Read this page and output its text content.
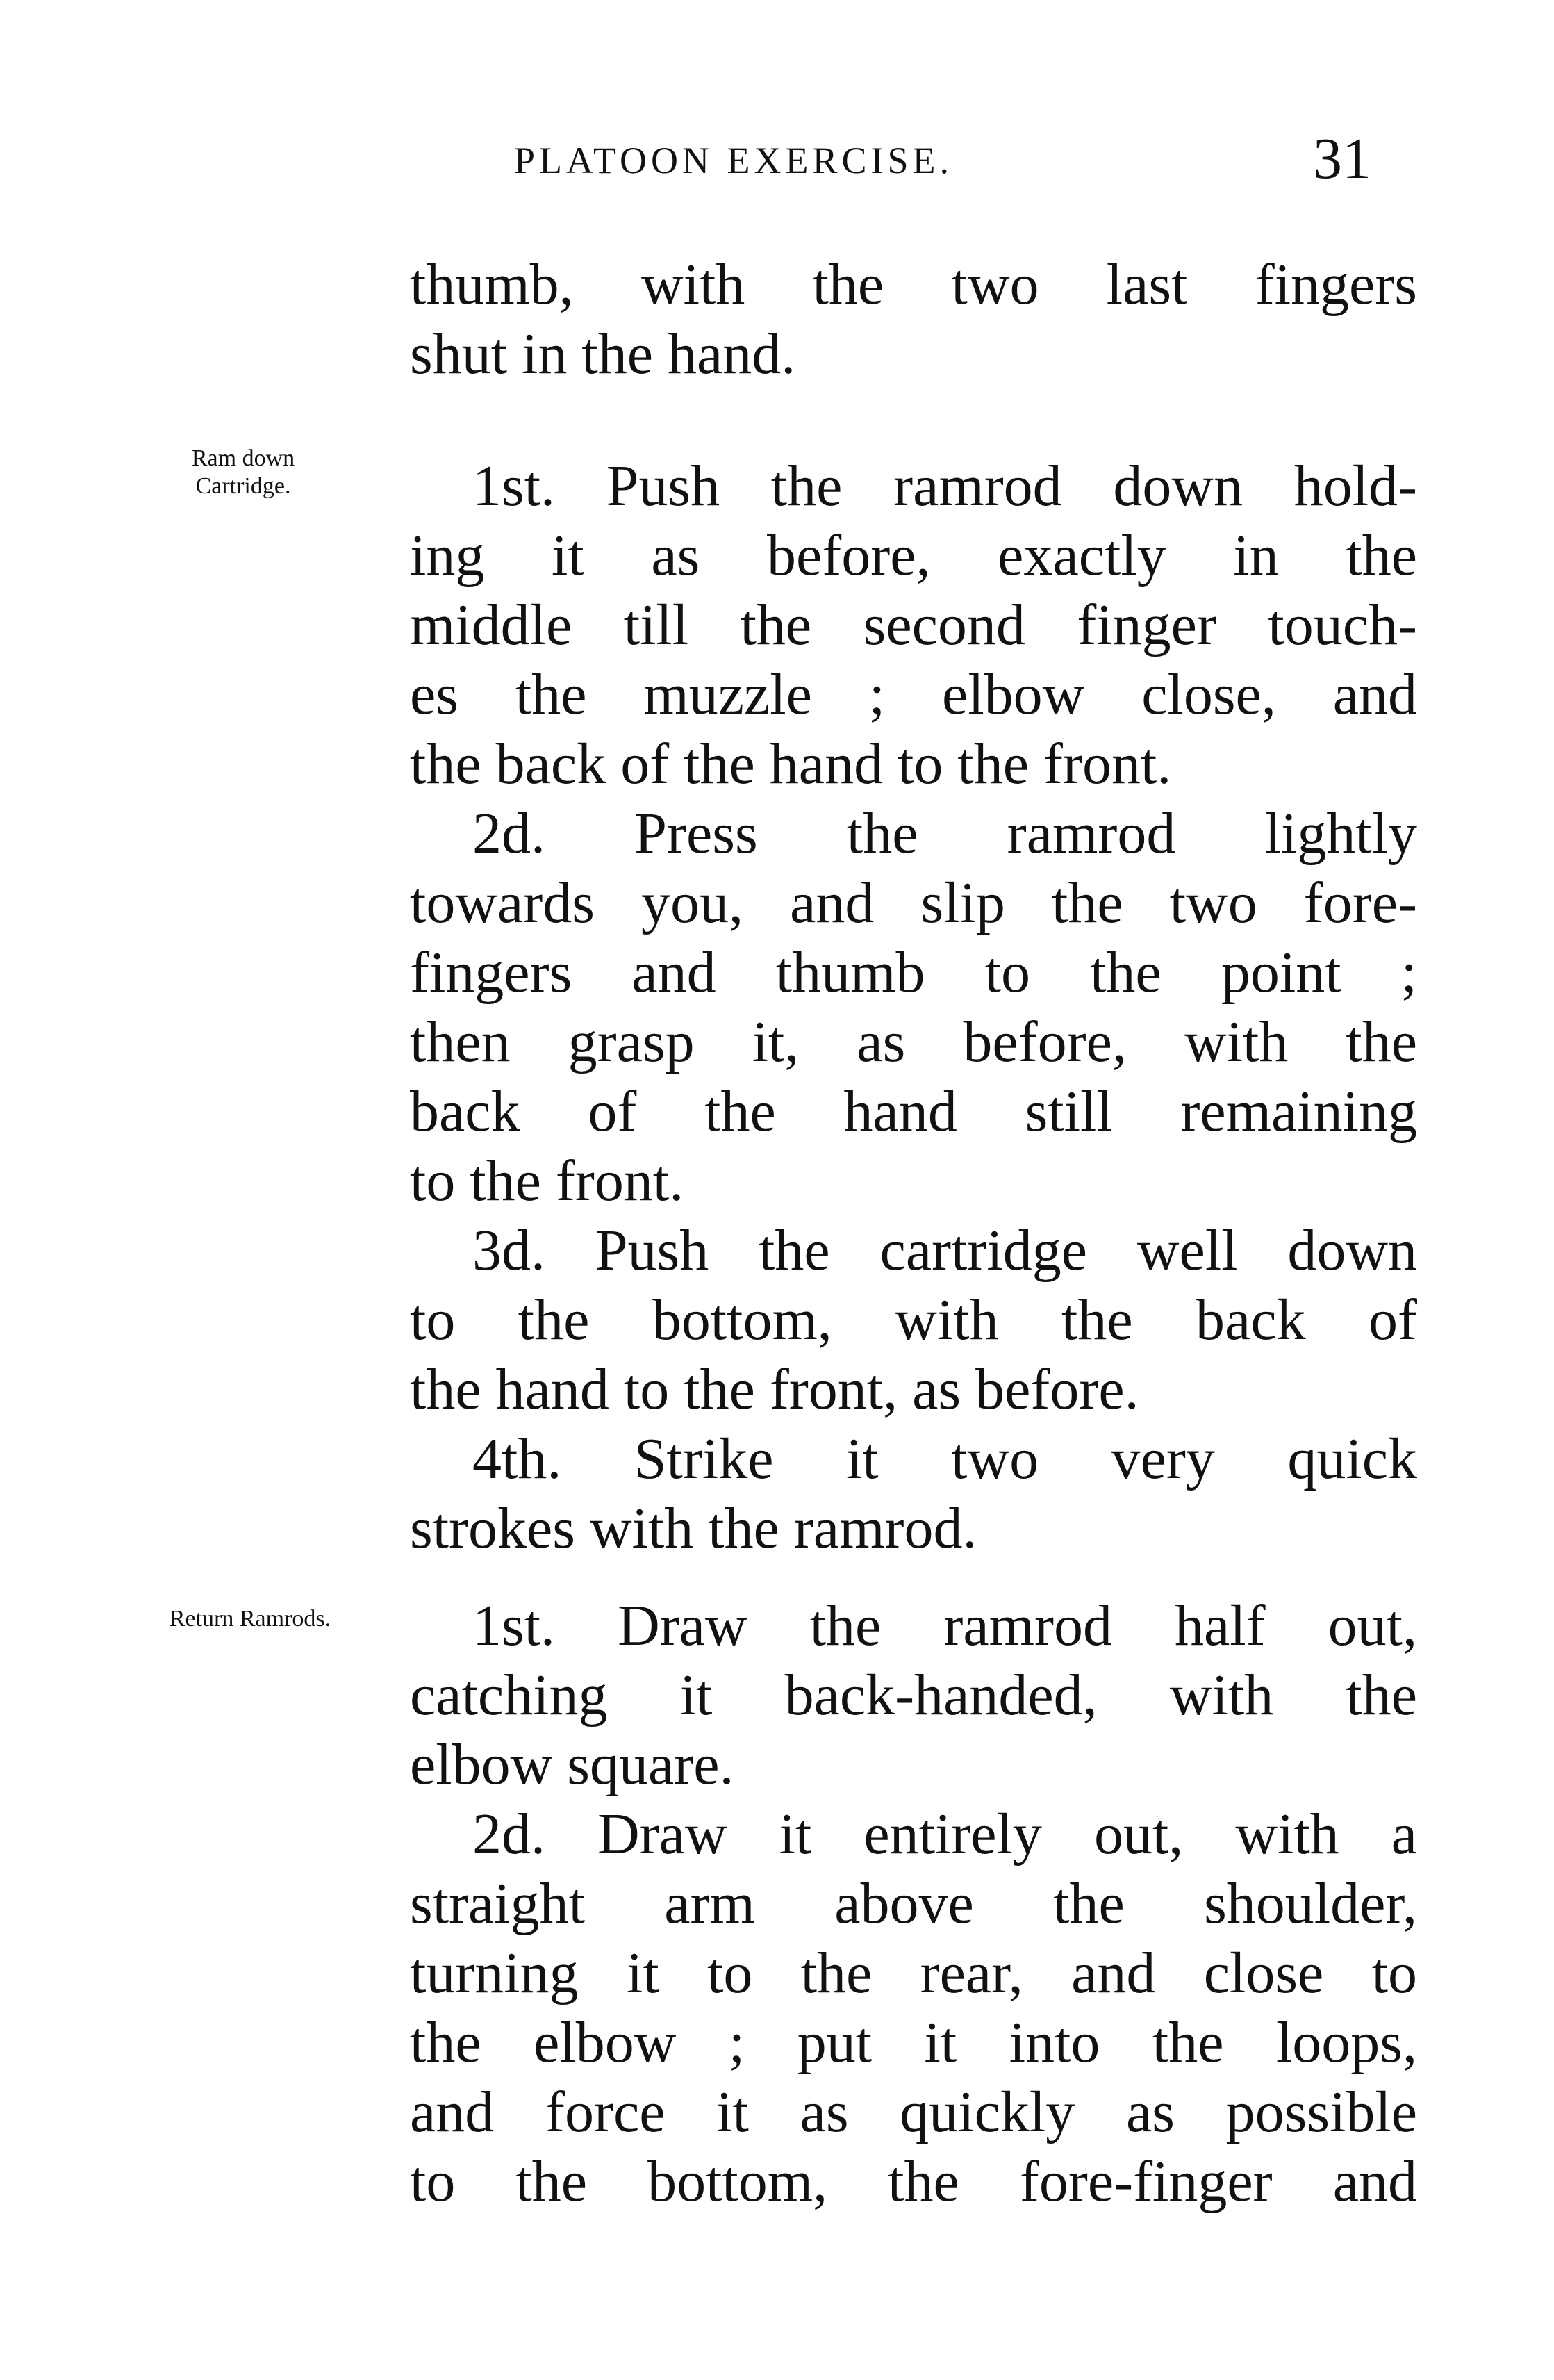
PLATOON EXERCISE.	31
thumb, with the two last fingers
shut in the hand.
Ram down
Cartridge.	1st. Push the ramrod down hold-
ing it as before, exactly in the
middle till the second finger touch-
es the muzzle ; elbow close, and
the back of the hand to the front.
2d. Press the ramrod lightly
towards you, and slip the two fore-
fingers and thumb to the point ;
then grasp it, as before, with the
back of the hand still remaining
to the front.
3d. Push the cartridge well down
to the bottom, with the back of
the hand to the front, as before.
4th. Strike it two very quick
strokes with the ramrod.
Return Ramrods.	1st. Draw the ramrod half out,
catching it back-handed, with the
elbow square.
2d. Draw it entirely out, with a
straight arm above the shoulder,
turning it to the rear, and close to
the elbow ; put it into the loops,
and force it as quickly as possible
to the bottom, the fore-finger and
